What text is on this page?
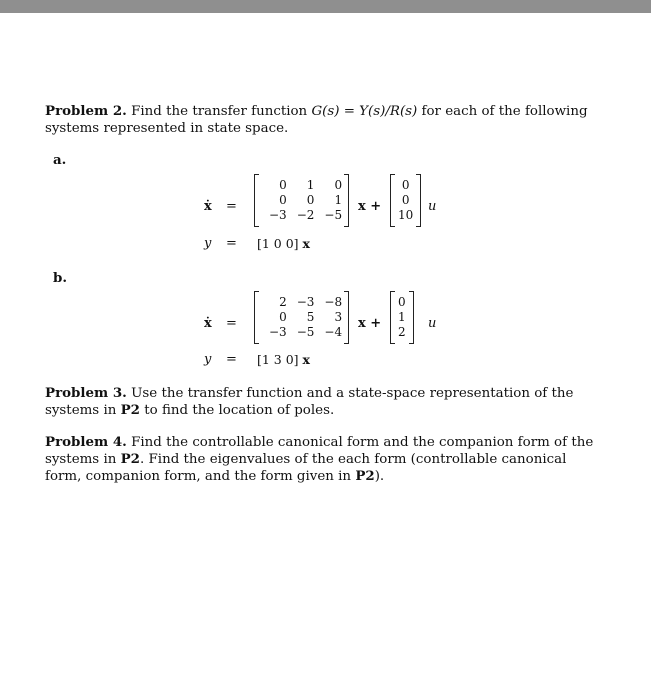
Problem 2. Find the transfer function G(s) = Y(s)/R(s) for each of the following systems represented in state space.

a.
ẋ =
0	1	0
0	0	1
−3 −2 −5
x +
0
0
10
u
y = [1 0 0] x
b.
ẋ =
2 −3 −8
0	5	3
−3 −5 −4
x +
0
1
2
u
y = [1 3 0] x

Problem 3. Use the transfer function and a state-space representation of the systems in P2 to find the location of poles.

Problem 4. Find the controllable canonical form and the companion form of the systems in P2. Find the eigenvalues of the each form (controllable canonical form, companion form, and the form given in P2).
